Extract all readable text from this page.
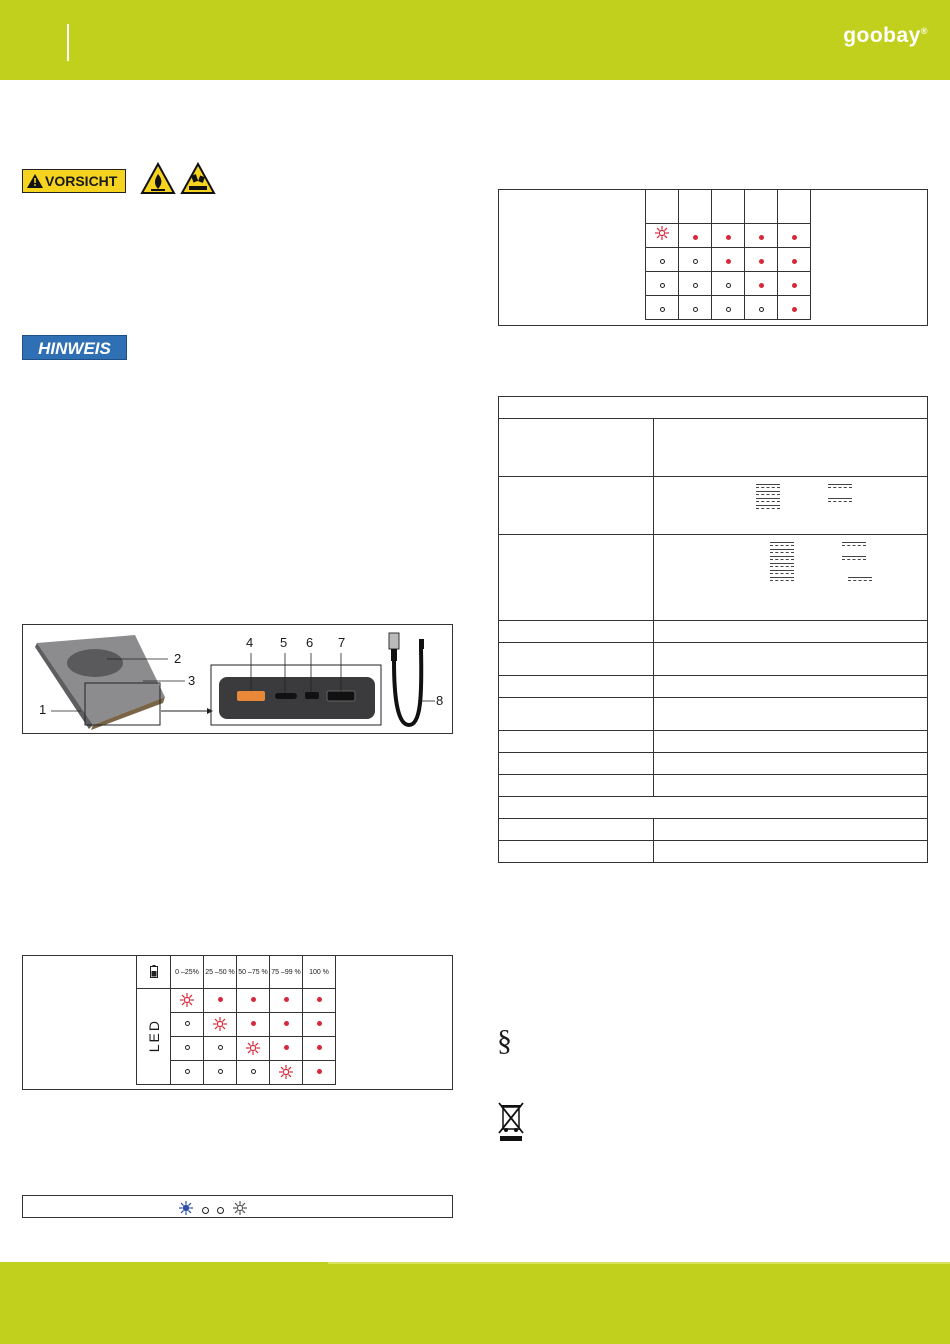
goobay®
VORSICHT
HINWEIS
2
3
1
4 5 6 7
8
	0 –25%	25 –50 %	50 –75 %	75 –99 %	100 %
LED					

		§
